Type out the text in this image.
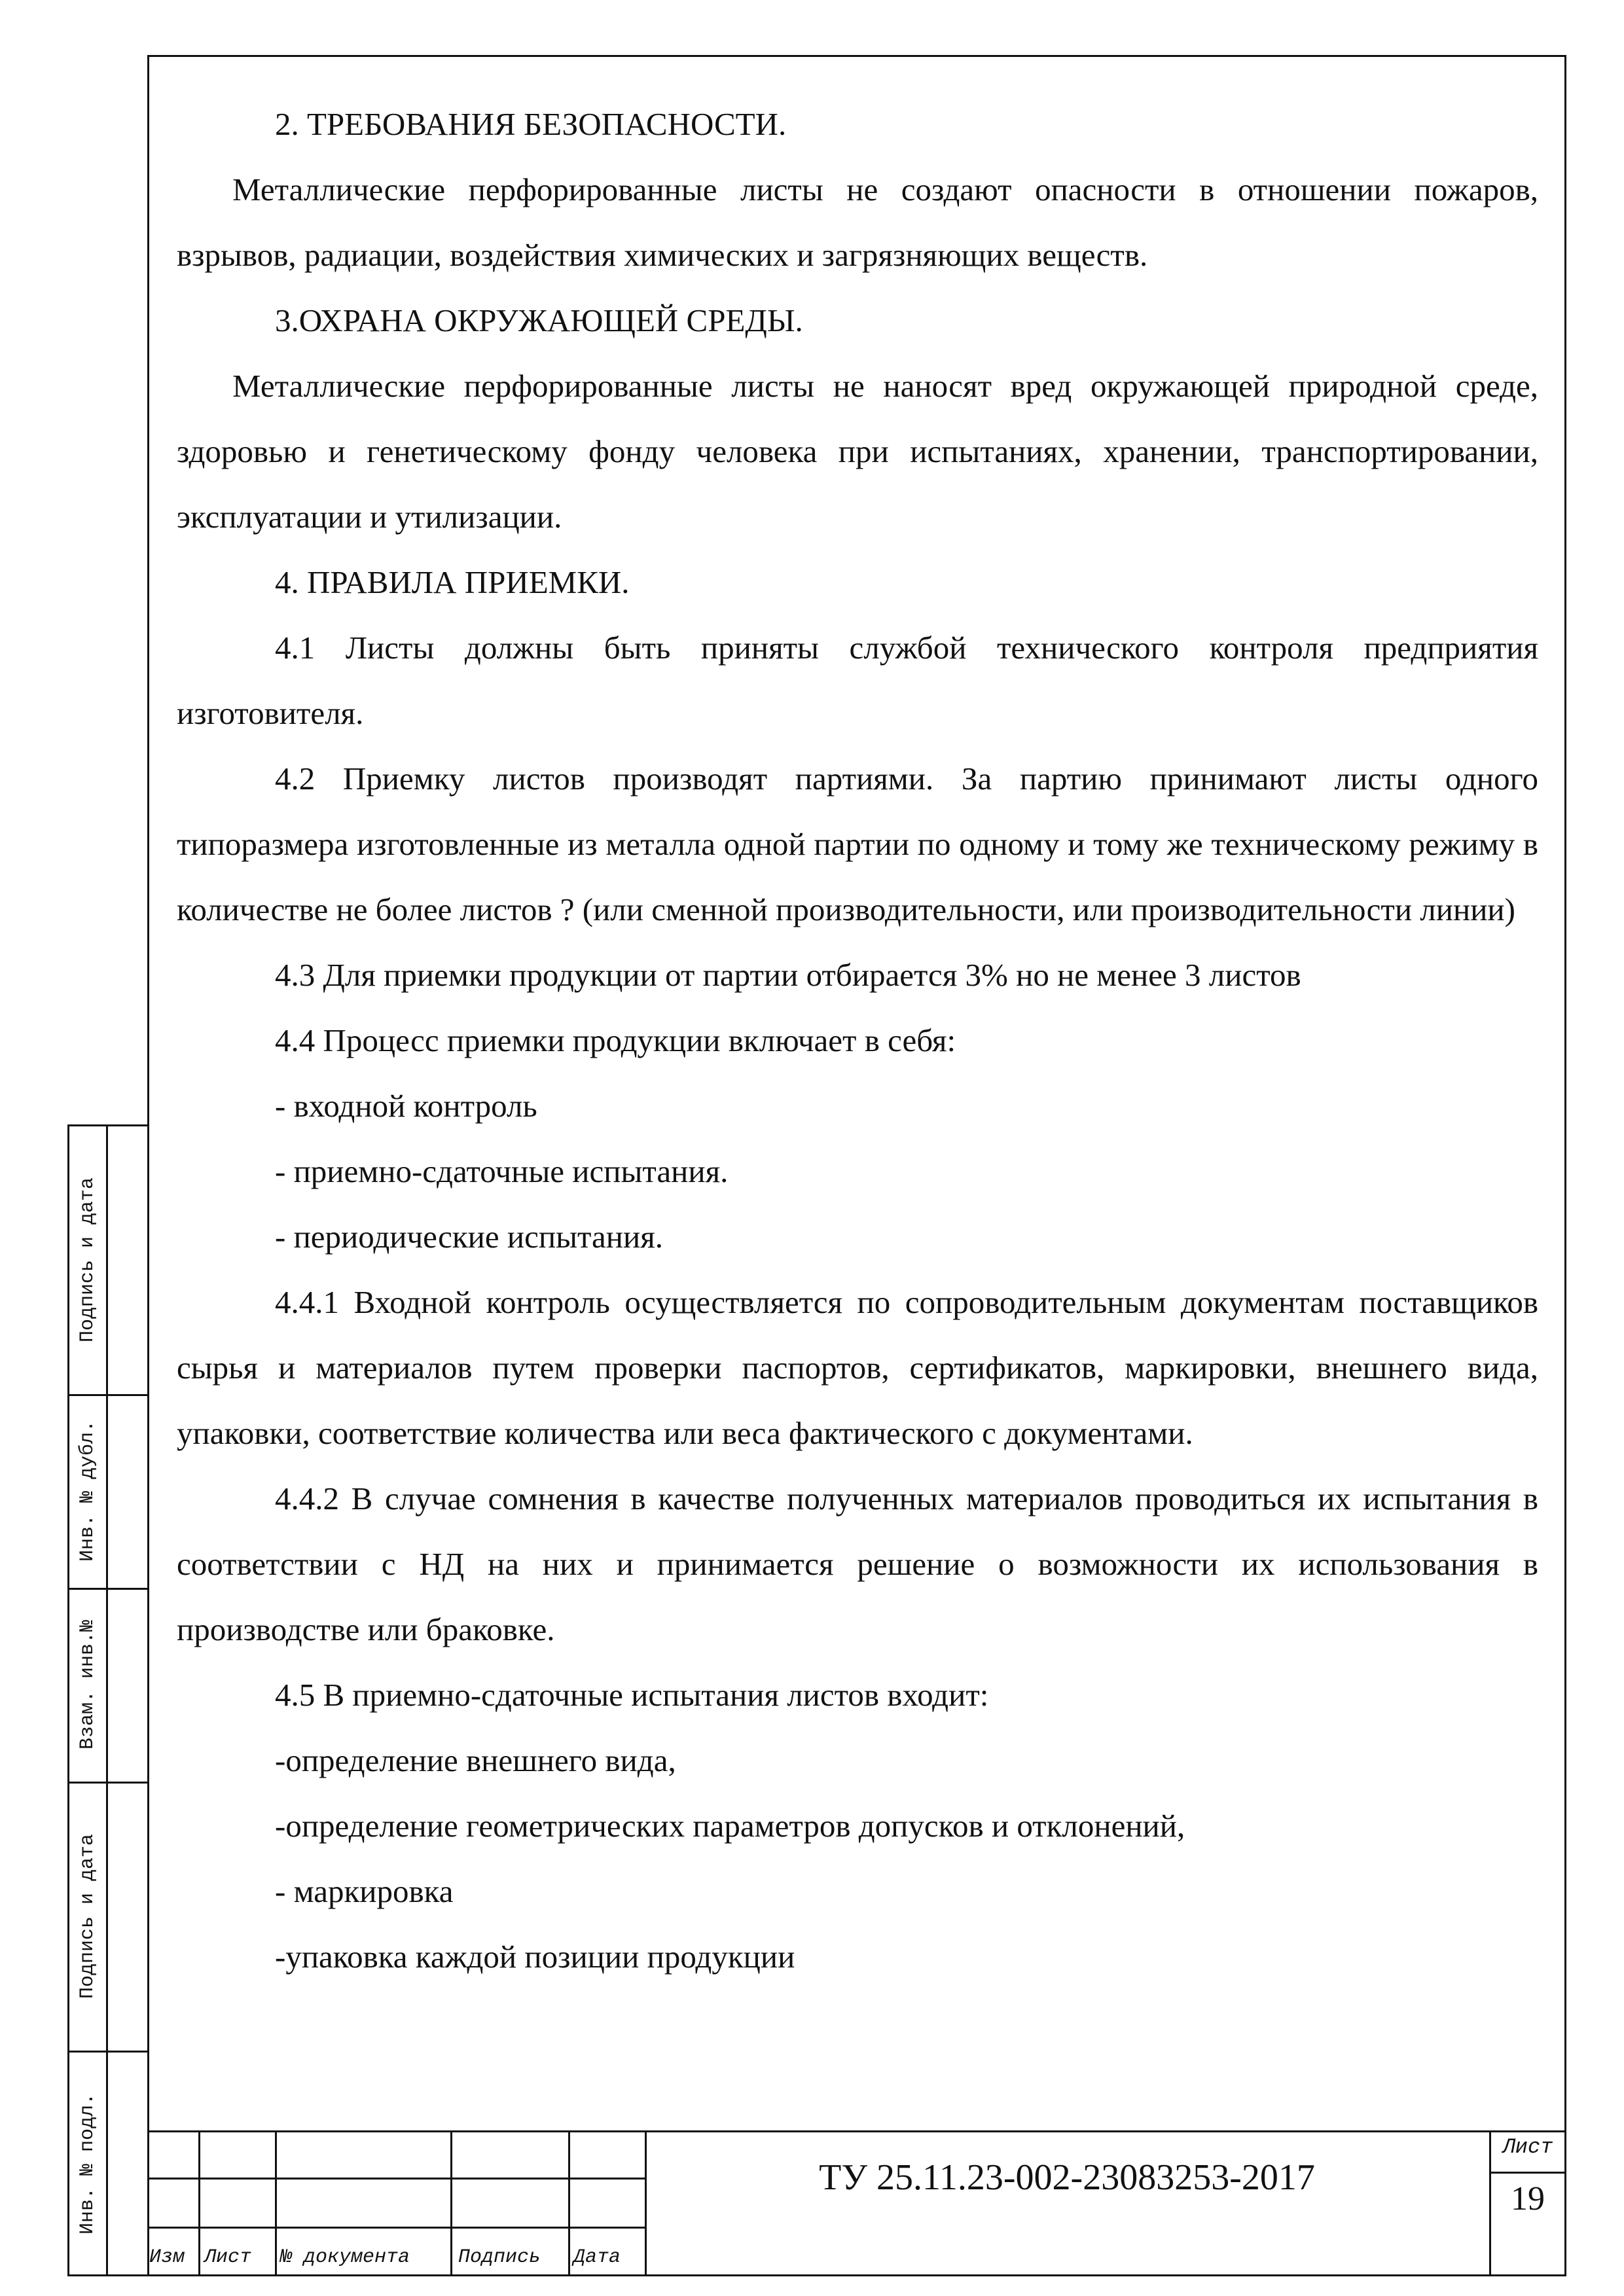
2. ТРЕБОВАНИЯ БЕЗОПАСНОСТИ.

Металлические перфорированные листы не создают опасности в отношении пожаров, взрывов, радиации, воздействия химических и загрязняющих веществ.

3.ОХРАНА ОКРУЖАЮЩЕЙ СРЕДЫ.

Металлические перфорированные листы не наносят вред окружающей природной среде, здоровью и генетическому фонду человека при испытаниях, хранении, транспортировании, эксплуатации и утилизации.

4. ПРАВИЛА ПРИЕМКИ.

4.1 Листы должны быть приняты службой технического контроля предприятия изготовителя.

4.2 Приемку листов производят партиями. За партию принимают листы одного типоразмера изготовленные из металла одной партии по одному и тому же техническому режиму в количестве не более листов ? (или сменной производительности, или производительности линии)

4.3 Для приемки продукции от партии отбирается 3% но не менее 3 листов

4.4 Процесс приемки продукции включает в себя:

- входной контроль

- приемно-сдаточные испытания.

- периодические испытания.

4.4.1 Входной контроль осуществляется по сопроводительным документам поставщиков сырья и материалов путем проверки паспортов, сертификатов, маркировки, внешнего вида, упаковки, соответствие количества или веса фактического с документами.

4.4.2 В случае сомнения в качестве полученных материалов проводиться их испытания в соответствии с НД на них и принимается решение о возможности их использования в производстве или браковке.

4.5 В приемно-сдаточные испытания листов входит:

-определение внешнего вида,

-определение геометрических параметров допусков и отклонений,

- маркировка

-упаковка каждой позиции продукции

Подпись и дата
Инв. № дубл.
Взам. инв.№
Подпись и дата
Инв. № подл.
Изм Лист № документа Подпись Дата
ТУ 25.11.23-002-23083253-2017
Лист
19
